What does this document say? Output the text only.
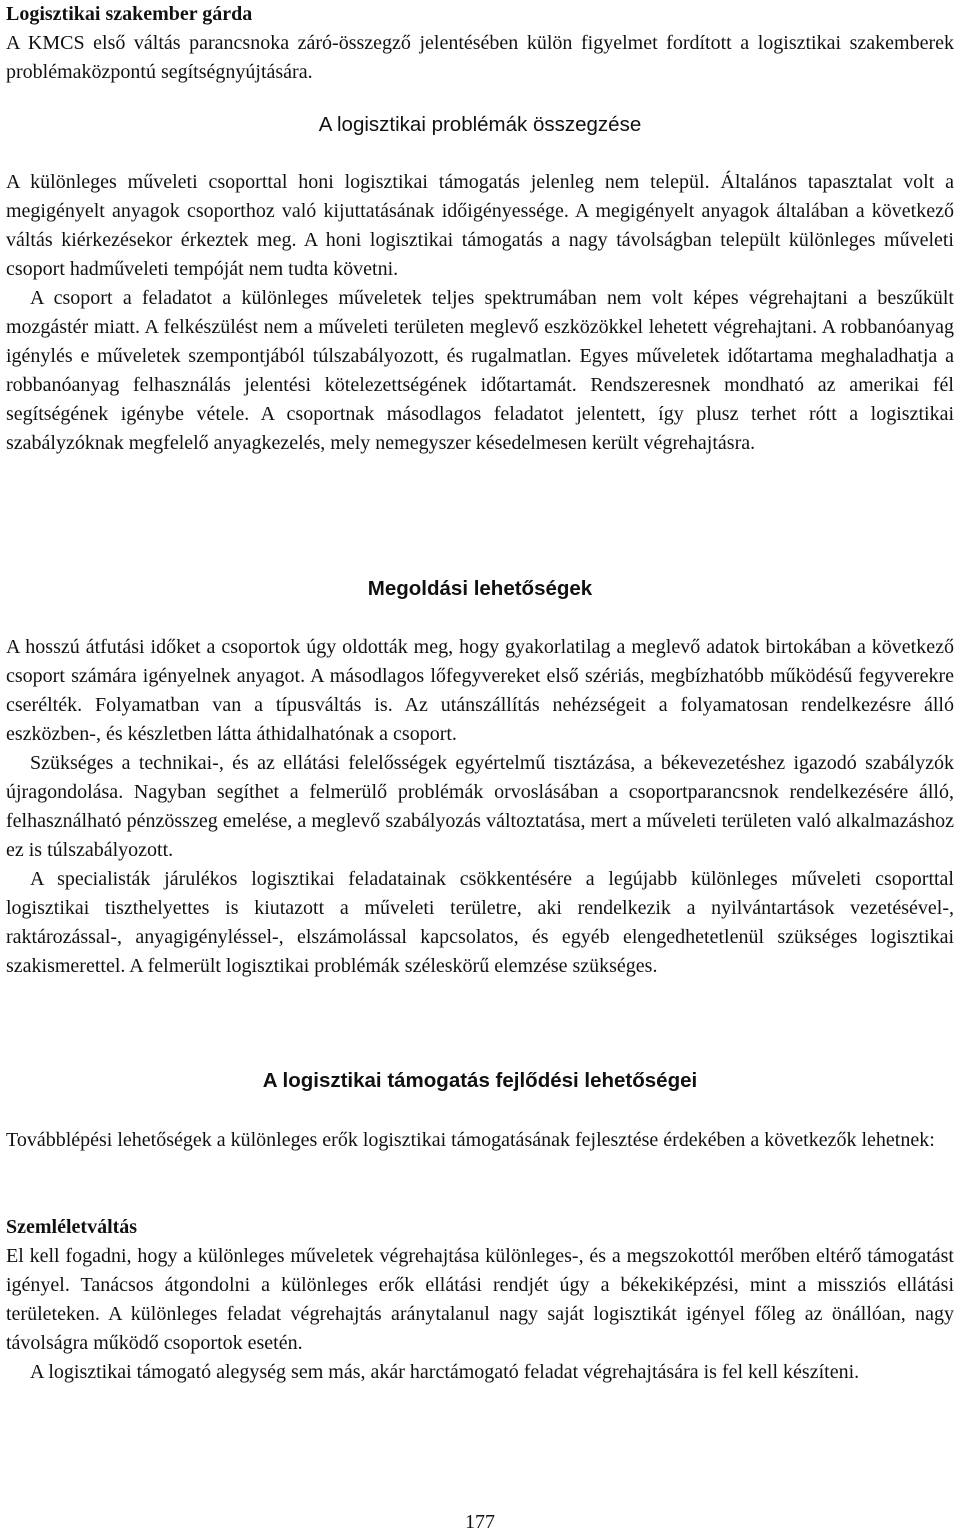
Logisztikai szakember gárda

A KMCS első váltás parancsnoka záró-összegző jelentésében külön figyelmet fordított a logisztikai szakemberek problémaközpontú segítségnyújtására.

A logisztikai problémák összegzése

A különleges műveleti csoporttal honi logisztikai támogatás jelenleg nem települ. Általános tapasztalat volt a megigényelt anyagok csoporthoz való kijuttatásának időigényessége. A megigényelt anyagok általában a következő váltás kiérkezésekor érkeztek meg. A honi logisztikai támogatás a nagy távolságban települt különleges műveleti csoport hadműveleti tempóját nem tudta követni.

A csoport a feladatot a különleges műveletek teljes spektrumában nem volt képes végrehajtani a beszűkült mozgástér miatt. A felkészülést nem a műveleti területen meglevő eszközökkel lehetett végrehajtani. A robbanóanyag igénylés e műveletek szempontjából túlszabályozott, és rugalmatlan. Egyes műveletek időtartama meghaladhatja a robbanóanyag felhasználás jelentési kötelezettségének időtartamát. Rendszeresnek mondható az amerikai fél segítségének igénybe vétele. A csoportnak másodlagos feladatot jelentett, így plusz terhet rótt a logisztikai szabályzóknak megfelelő anyagkezelés, mely nemegyszer késedelmesen került végrehajtásra.

Megoldási lehetőségek

A hosszú átfutási időket a csoportok úgy oldották meg, hogy gyakorlatilag a meglevő adatok birtokában a következő csoport számára igényelnek anyagot. A másodlagos lőfegyvereket első szériás, megbízhatóbb működésű fegyverekre cserélték. Folyamatban van a típusváltás is. Az utánszállítás nehézségeit a folyamatosan rendelkezésre álló eszközben-, és készletben látta áthidalhatónak a csoport.

Szükséges a technikai-, és az ellátási felelősségek egyértelmű tisztázása, a békevezetéshez igazodó szabályzók újragondolása. Nagyban segíthet a felmerülő problémák orvoslásában a csoportparancsnok rendelkezésére álló, felhasználható pénzösszeg emelése, a meglevő szabályozás változtatása, mert a műveleti területen való alkalmazáshoz ez is túlszabályozott.

A specialisták járulékos logisztikai feladatainak csökkentésére a legújabb különleges műveleti csoporttal logisztikai tiszthelyettes is kiutazott a műveleti területre, aki rendelkezik a nyilvántartások vezetésével-, raktározással-, anyagigényléssel-, elszámolással kapcsolatos, és egyéb elengedhetetlenül szükséges logisztikai szakismerettel. A felmerült logisztikai problémák széleskörű elemzése szükséges.

A logisztikai támogatás fejlődési lehetőségei

Továbblépési lehetőségek a különleges erők logisztikai támogatásának fejlesztése érdekében a következők lehetnek:

Szemléletváltás

El kell fogadni, hogy a különleges műveletek végrehajtása különleges-, és a megszokottól merőben eltérő támogatást igényel. Tanácsos átgondolni a különleges erők ellátási rendjét úgy a békekiképzési, mint a missziós ellátási területeken. A különleges feladat végrehajtás aránytalanul nagy saját logisztikát igényel főleg az önállóan, nagy távolságra működő csoportok esetén.

A logisztikai támogató alegység sem más, akár harctámogató feladat végrehajtására is fel kell készíteni.

177
